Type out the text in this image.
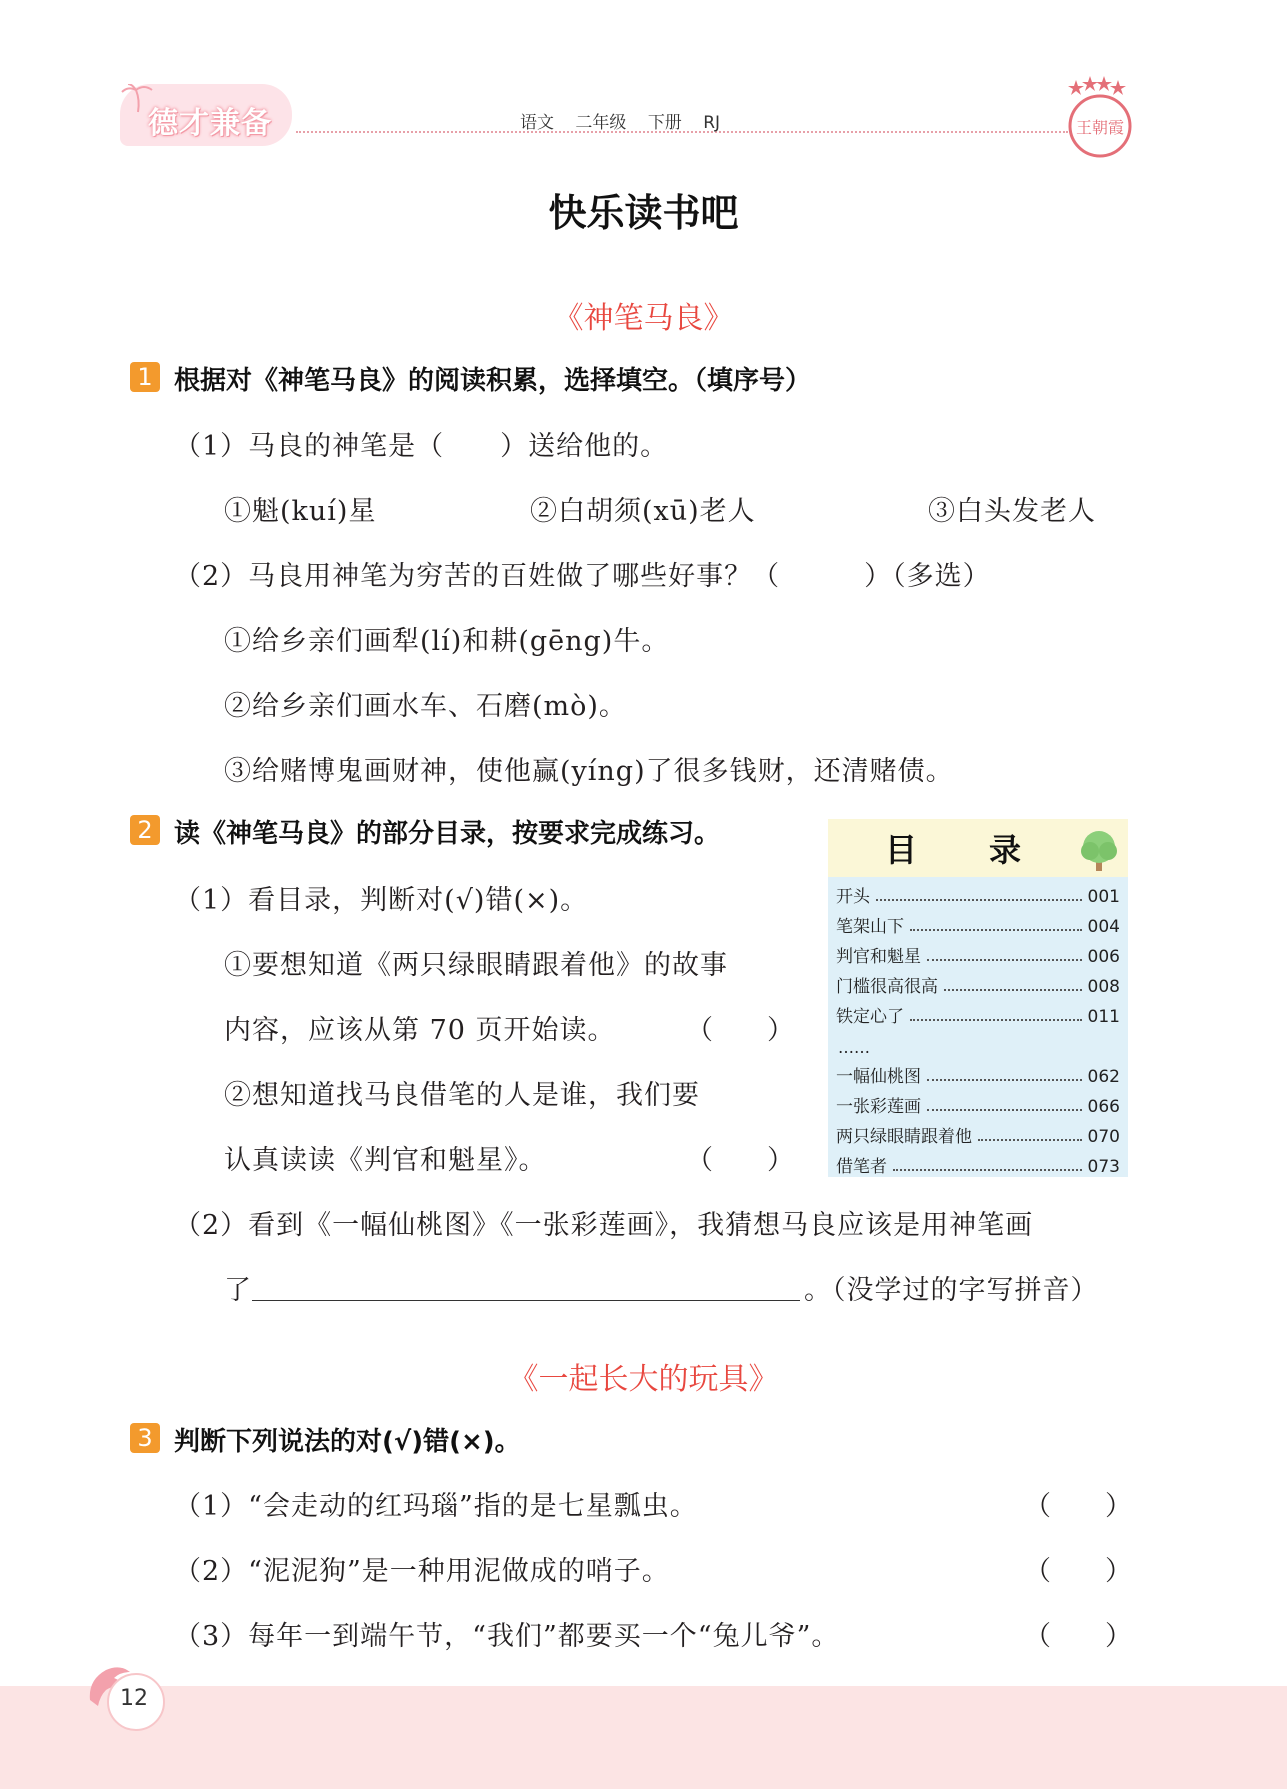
德才兼备	语文 二年级 下册 RJ	王朝霞
快乐读书吧
《神笔马良》
1 根据对《神笔马良》的阅读积累，选择填空。（填序号）
（1）马良的神笔是（　　）送给他的。
①魁(kuí)星	②白胡须(xū)老人	③白头发老人
（2）马良用神笔为穷苦的百姓做了哪些好事？（　　　）（多选）
①给乡亲们画犁(lí)和耕(gēng)牛。
②给乡亲们画水车、石磨(mò)。
③给赌博鬼画财神，使他赢(yíng)了很多钱财，还清赌债。
2 读《神笔马良》的部分目录，按要求完成练习。
（1）看目录，判断对(√)错(×)。
①要想知道《两只绿眼睛跟着他》的故事
内容，应该从第 70 页开始读。	（　　）
②想知道找马良借笔的人是谁，我们要
认真读读《判官和魁星》。	（　　）
目　录
开头	001
笔架山下	004
判官和魁星	006
门槛很高很高	008
铁定心了	011
……
一幅仙桃图	062
一张彩莲画	066
两只绿眼睛跟着他	070
借笔者	073
（2）看到《一幅仙桃图》《一张彩莲画》，我猜想马良应该是用神笔画
了	。（没学过的字写拼音）
《一起长大的玩具》
3 判断下列说法的对(√)错(×)。
（1）“会走动的红玛瑙”指的是七星瓢虫。	（　　）
（2）“泥泥狗”是一种用泥做成的哨子。	（　　）
（3）每年一到端午节，“我们”都要买一个“兔儿爷”。	（　　）
12
